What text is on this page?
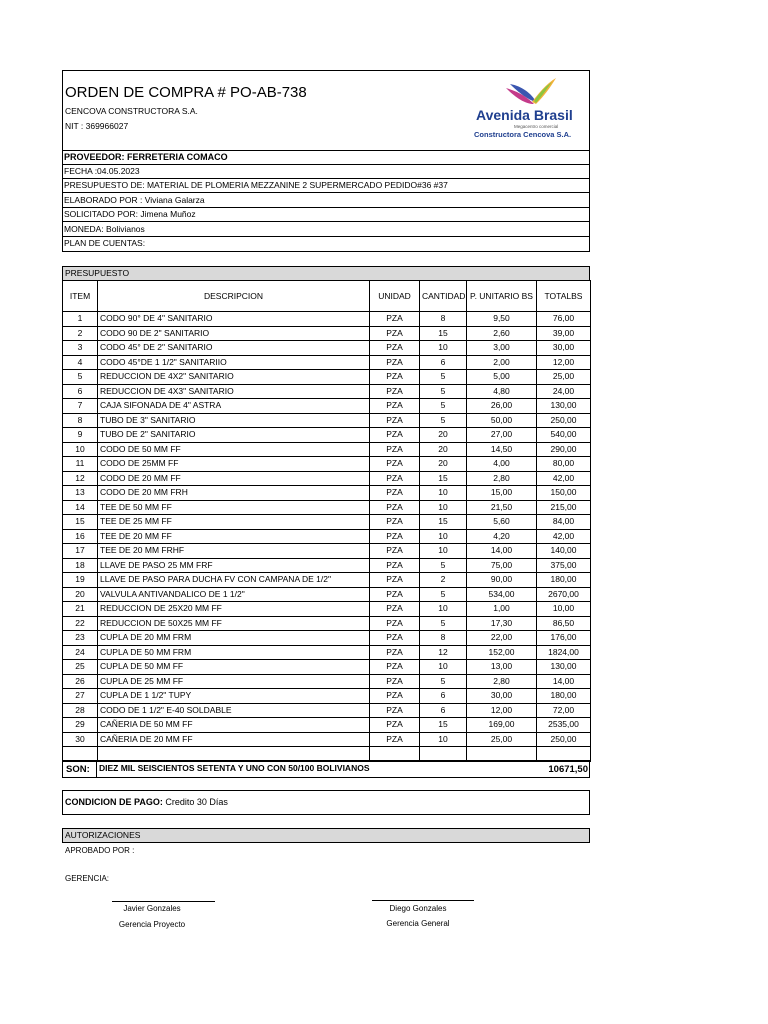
ORDEN DE COMPRA # PO-AB-738
CENCOVA CONSTRUCTORA S.A.
NIT : 369966027
Avenida Brasil
Megacentro comercial
Constructora Cencova S.A.
PROVEEDOR: FERRETERIA COMACO
FECHA :04.05.2023
PRESUPUESTO DE: MATERIAL DE PLOMERIA MEZZANINE 2 SUPERMERCADO PEDIDO#36 #37
ELABORADO POR : Viviana Galarza
SOLICITADO POR: Jimena Muñoz
MONEDA: Bolivianos
PLAN DE CUENTAS:
PRESUPUESTO
ITEM	DESCRIPCION	UNIDAD	CANTIDAD	P. UNITARIO BS	TOTALBS
1	CODO 90° DE 4" SANITARIO	PZA	8	9,50	76,00
2	CODO 90 DE 2" SANITARIO	PZA	15	2,60	39,00
3	CODO 45° DE 2" SANITARIO	PZA	10	3,00	30,00
4	CODO 45°DE 1 1/2" SANITARIIO	PZA	6	2,00	12,00
5	REDUCCION DE 4X2" SANITARIO	PZA	5	5,00	25,00
6	REDUCCION DE 4X3" SANITARIO	PZA	5	4,80	24,00
7	CAJA SIFONADA DE 4" ASTRA	PZA	5	26,00	130,00
8	TUBO DE 3" SANITARIO	PZA	5	50,00	250,00
9	TUBO DE 2" SANITARIO	PZA	20	27,00	540,00
10	CODO DE 50 MM FF	PZA	20	14,50	290,00
11	CODO DE 25MM FF	PZA	20	4,00	80,00
12	CODO DE 20 MM FF	PZA	15	2,80	42,00
13	CODO DE 20 MM FRH	PZA	10	15,00	150,00
14	TEE DE 50 MM FF	PZA	10	21,50	215,00
15	TEE DE 25 MM FF	PZA	15	5,60	84,00
16	TEE DE 20 MM FF	PZA	10	4,20	42,00
17	TEE DE 20 MM FRHF	PZA	10	14,00	140,00
18	LLAVE DE PASO 25 MM FRF	PZA	5	75,00	375,00
19	LLAVE DE PASO PARA DUCHA FV CON CAMPANA DE 1/2"	PZA	2	90,00	180,00
20	VALVULA ANTIVANDALICO DE 1 1/2"	PZA	5	534,00	2670,00
21	REDUCCION DE 25X20 MM FF	PZA	10	1,00	10,00
22	REDUCCION DE 50X25 MM FF	PZA	5	17,30	86,50
23	CUPLA DE 20 MM FRM	PZA	8	22,00	176,00
24	CUPLA DE 50 MM FRM	PZA	12	152,00	1824,00
25	CUPLA DE 50 MM FF	PZA	10	13,00	130,00
26	CUPLA DE 25 MM FF	PZA	5	2,80	14,00
27	CUPLA DE 1 1/2" TUPY	PZA	6	30,00	180,00
28	CODO DE 1 1/2" E-40 SOLDABLE	PZA	6	12,00	72,00
29	CAÑERIA DE 50 MM FF	PZA	15	169,00	2535,00
30	CAÑERIA DE 20 MM FF	PZA	10	25,00	250,00

SON: DIEZ MIL SEISCIENTOS SETENTA Y UNO CON 50/100 BOLIVIANOS	10671,50
CONDICION DE PAGO: Credito 30 Días
AUTORIZACIONES
APROBADO POR :
GERENCIA:
Javier Gonzales
Gerencia Proyecto
Diego Gonzales
Gerencia General
